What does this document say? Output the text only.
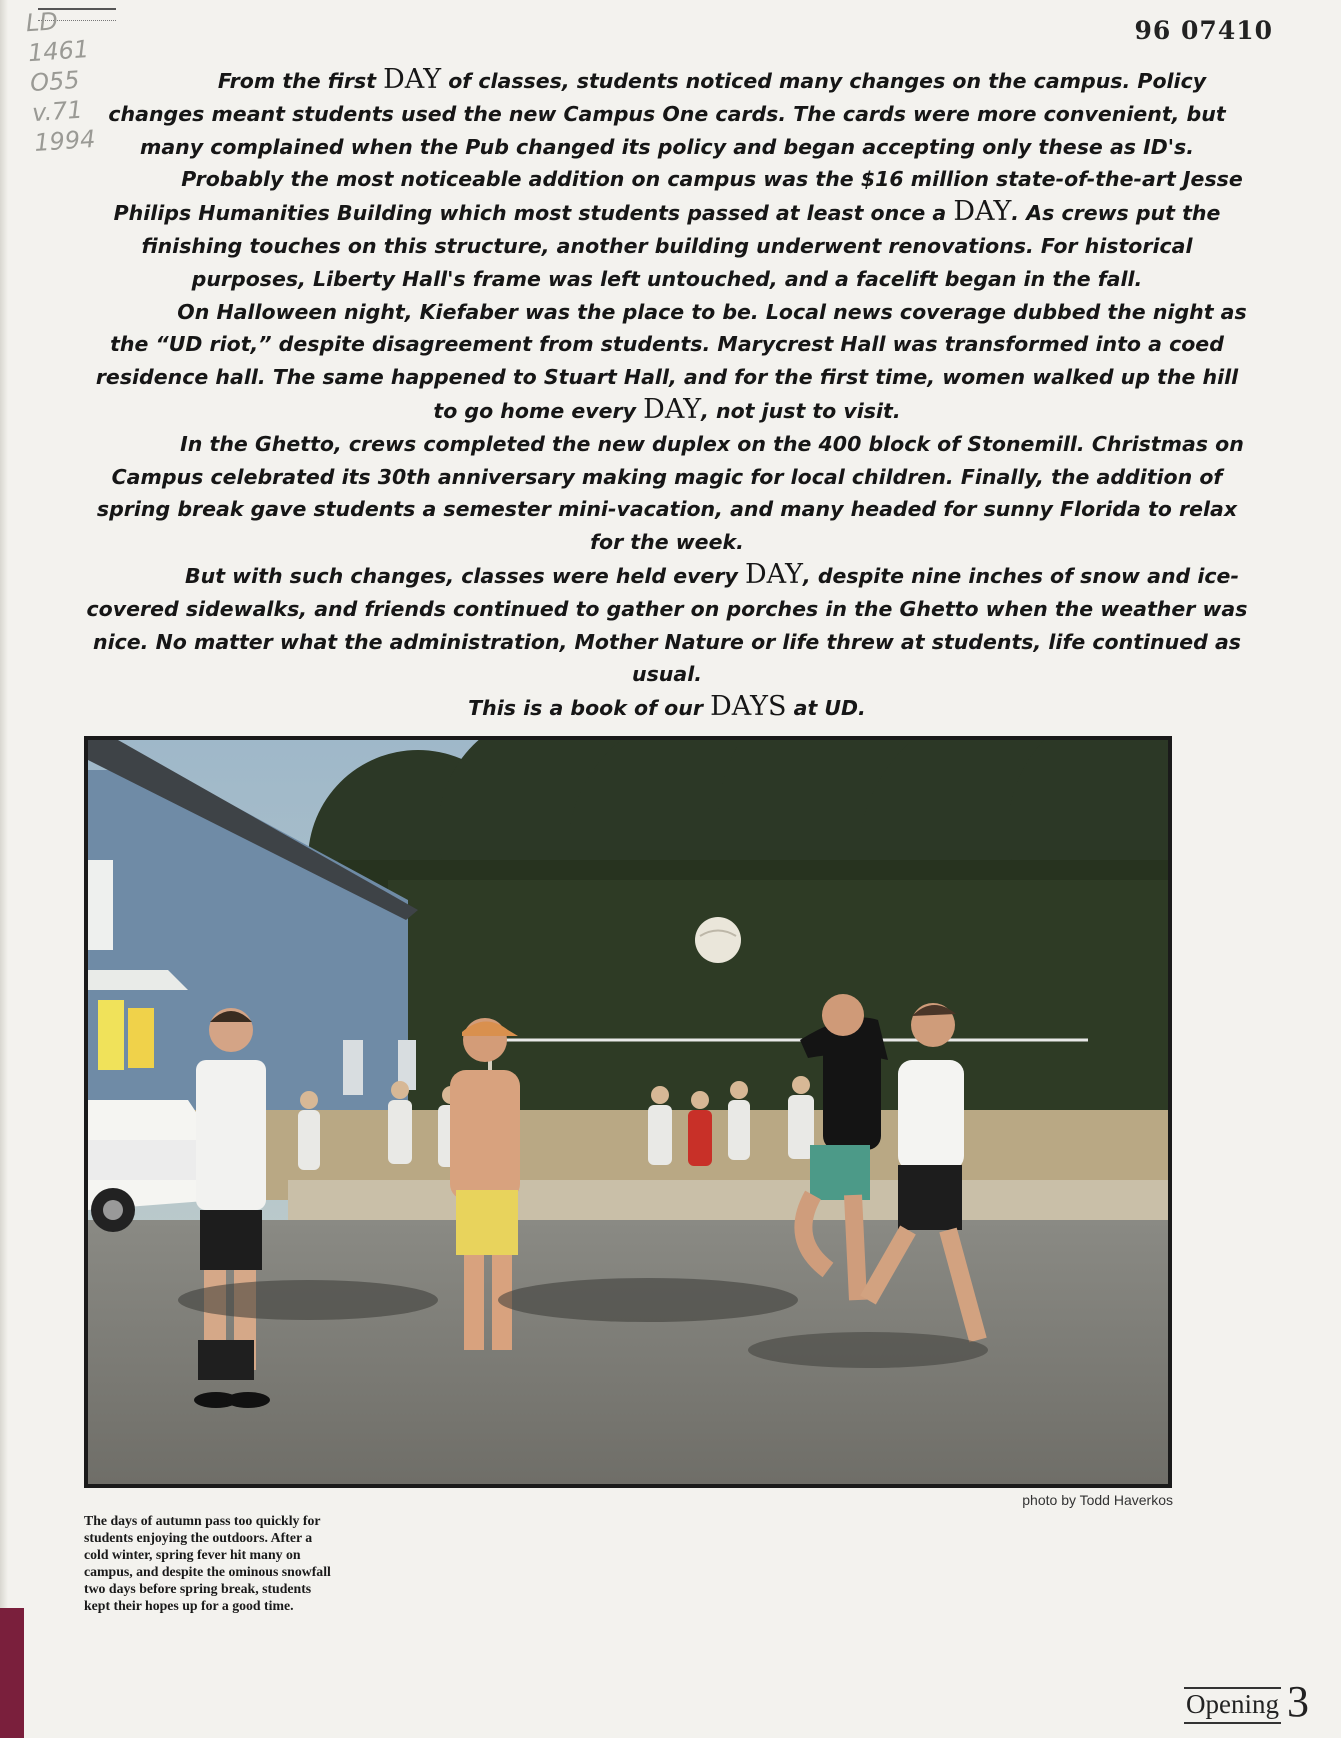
LD
1461
O55
v.71
1994
96 07410

From the first DAY of classes, students noticed many changes on the campus. Policy changes meant students used the new Campus One cards. The cards were more convenient, but many complained when the Pub changed its policy and began accepting only these as ID's.

Probably the most noticeable addition on campus was the $16 million state-of-the-art Jesse Philips Humanities Building which most students passed at least once a DAY. As crews put the finishing touches on this structure, another building underwent renovations. For historical purposes, Liberty Hall's frame was left untouched, and a facelift began in the fall.

On Halloween night, Kiefaber was the place to be. Local news coverage dubbed the night as the “UD riot,” despite disagreement from students. Marycrest Hall was transformed into a coed residence hall. The same happened to Stuart Hall, and for the first time, women walked up the hill to go home every DAY, not just to visit.

In the Ghetto, crews completed the new duplex on the 400 block of Stonemill. Christmas on Campus celebrated its 30th anniversary making magic for local children. Finally, the addition of spring break gave students a semester mini-vacation, and many headed for sunny Florida to relax for the week.

But with such changes, classes were held every DAY, despite nine inches of snow and ice-covered sidewalks, and friends continued to gather on porches in the Ghetto when the weather was nice. No matter what the administration, Mother Nature or life threw at students, life continued as usual.

This is a book of our DAYS at UD.

photo by Todd Haverkos
The days of autumn pass too quickly for students enjoying the outdoors. After a cold winter, spring fever hit many on campus, and despite the ominous snowfall two days before spring break, students kept their hopes up for a good time.
Opening 3
